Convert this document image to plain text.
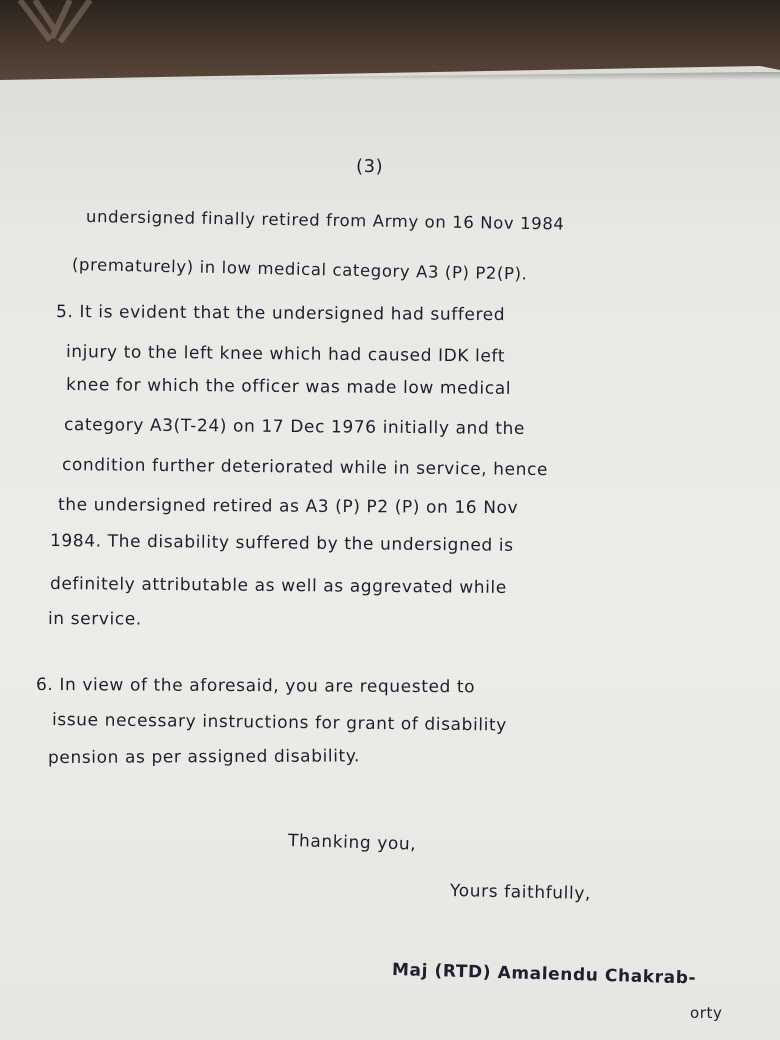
(3)

undersigned finally retired from Army on 16 Nov 1984

(prematurely) in low medical category A3 (P) P2(P).

5. It is evident that the undersigned had suffered

injury to the left knee which had caused IDK left

knee for which the officer was made low medical

category A3(T-24) on 17 Dec 1976 initially and the

condition further deteriorated while in service, hence

the undersigned retired as A3 (P) P2 (P) on 16 Nov

1984. The disability suffered by the undersigned is

definitely attributable as well as aggrevated while

in service.

6. In view of the aforesaid, you are requested to

issue necessary instructions for grant of disability

pension as per assigned disability.

Thanking you,

Yours faithfully,

Maj (RTD) Amalendu Chakrab-

orty
